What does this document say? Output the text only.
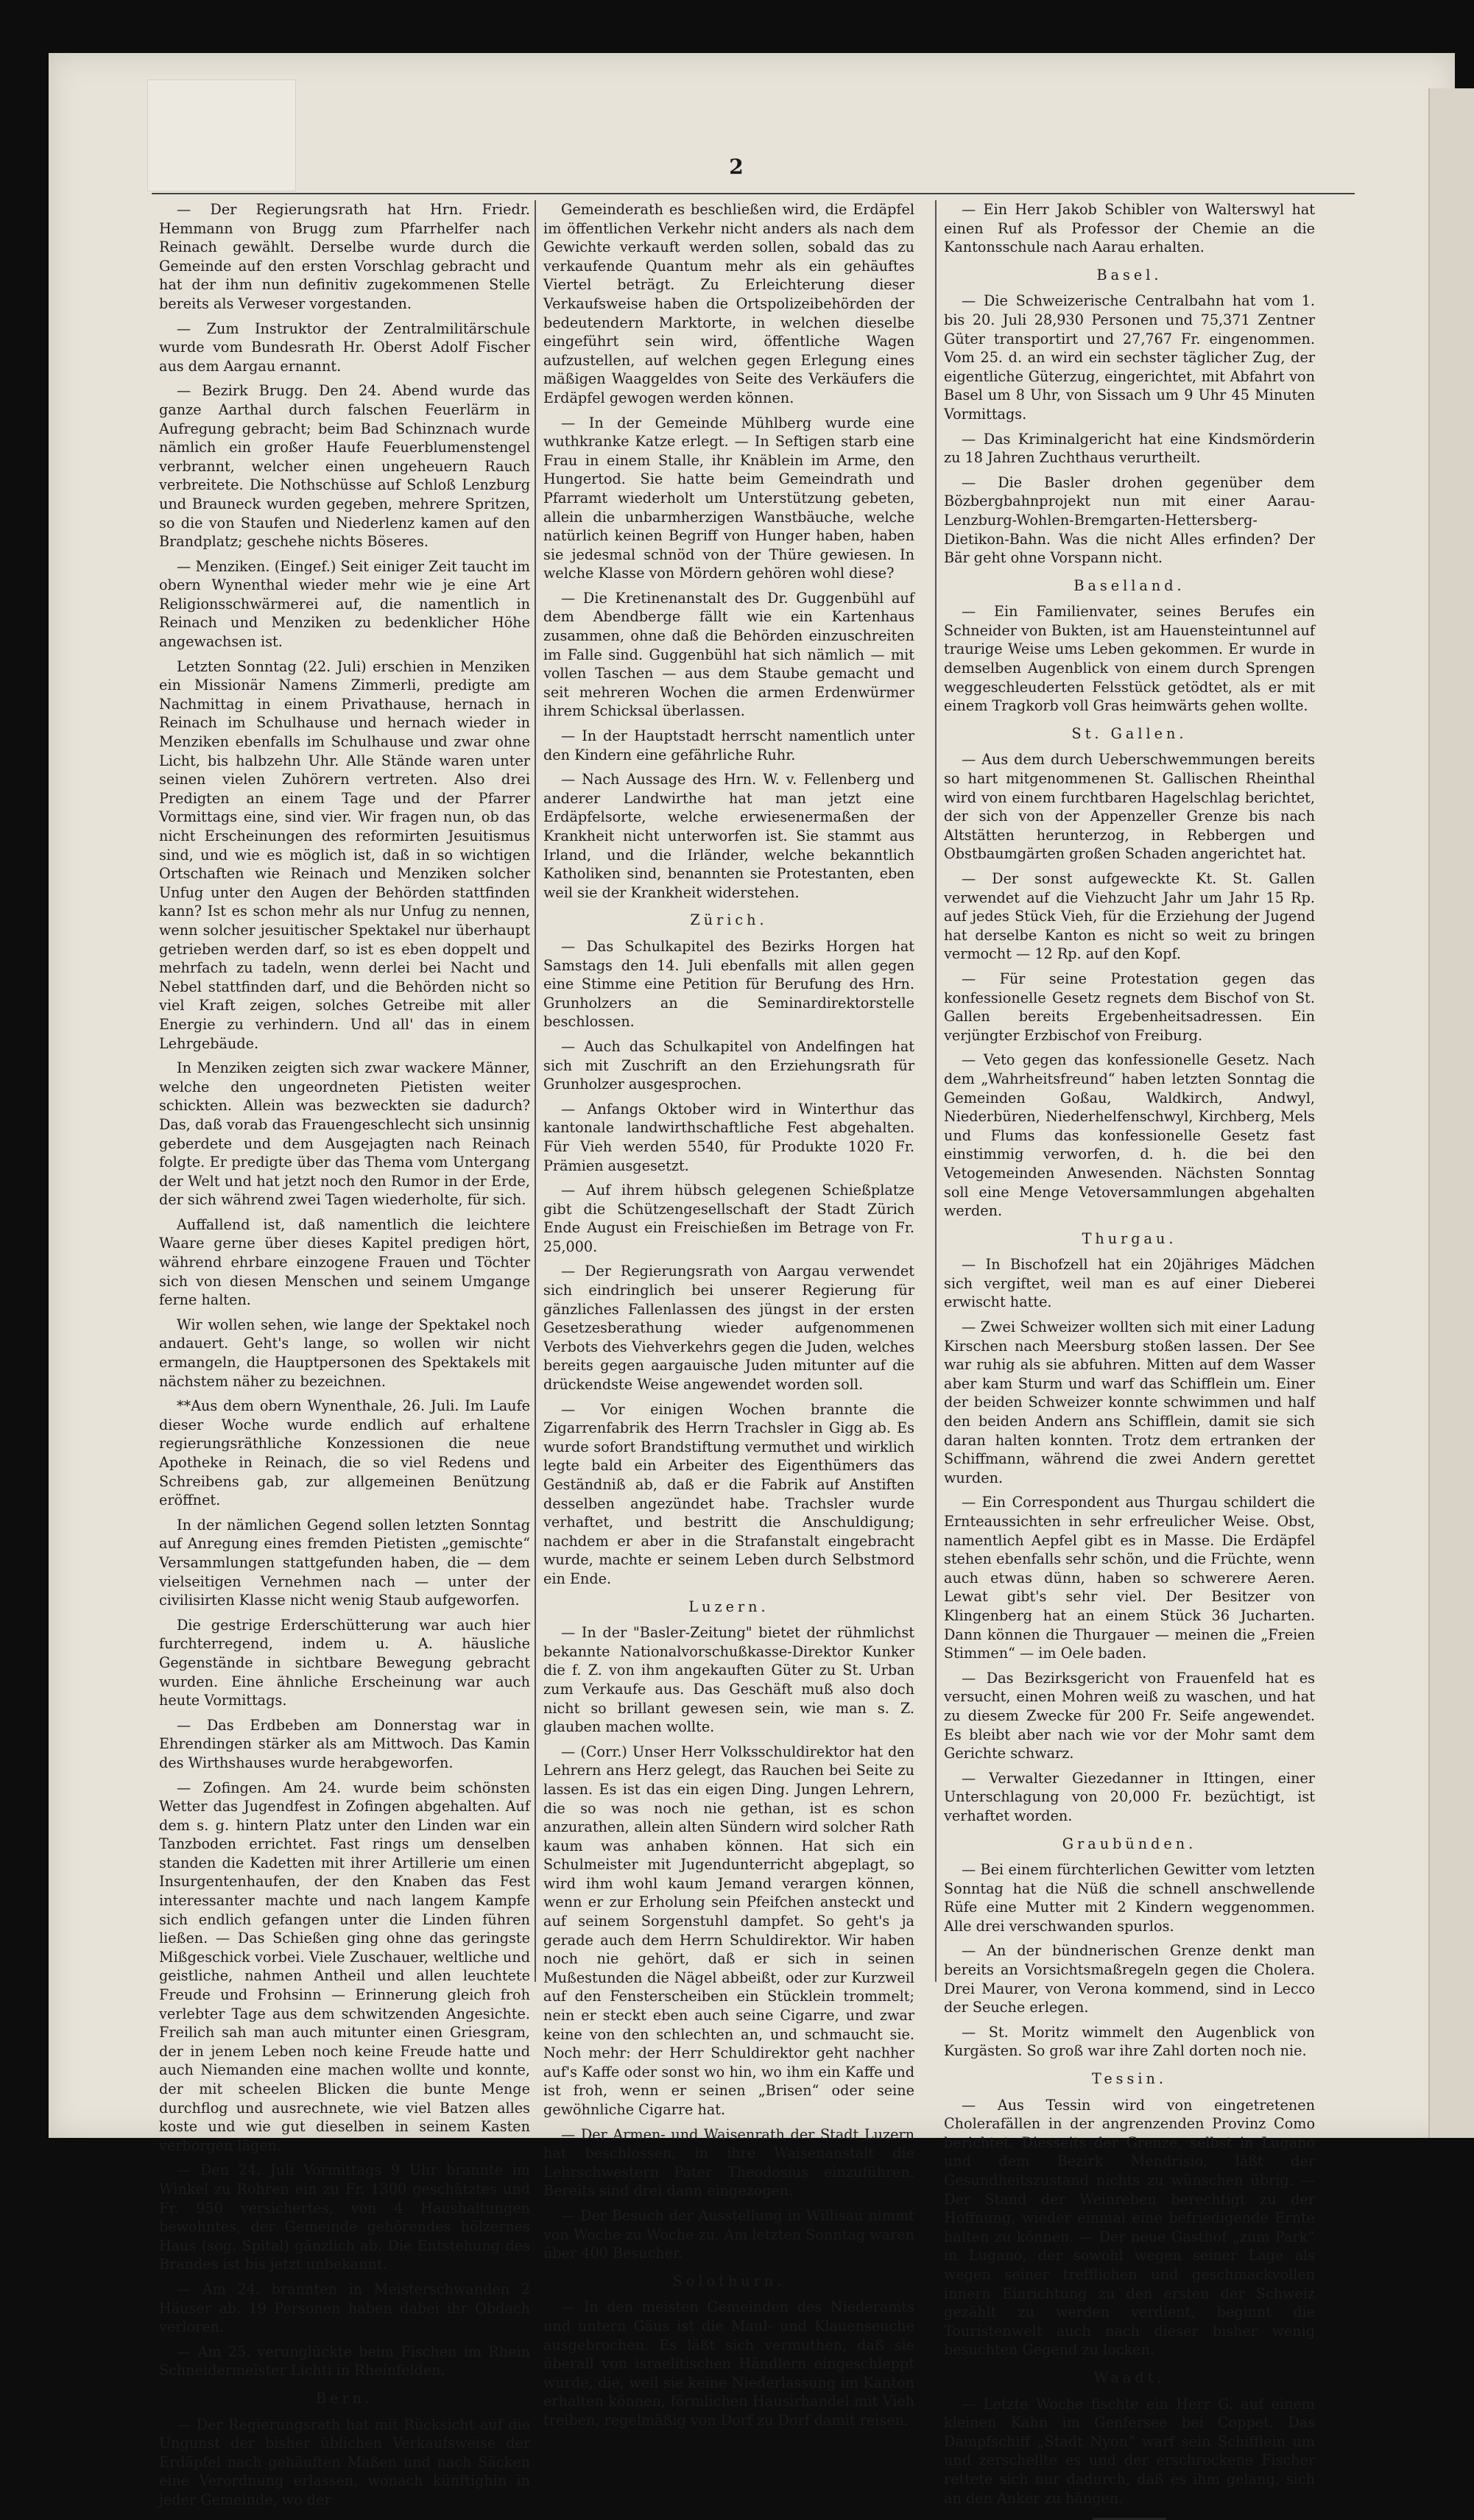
2

— Der Regierungsrath hat Hrn. Friedr. Hemmann von Brugg zum Pfarrhelfer nach Reinach gewählt. Derselbe wurde durch die Gemeinde auf den ersten Vorschlag gebracht und hat der ihm nun definitiv zugekommenen Stelle bereits als Verweser vorgestanden.

— Zum Instruktor der Zentralmilitärschule wurde vom Bundesrath Hr. Oberst Adolf Fischer aus dem Aargau ernannt.

— Bezirk Brugg. Den 24. Abend wurde das ganze Aarthal durch falschen Feuerlärm in Aufregung gebracht; beim Bad Schinznach wurde nämlich ein großer Haufe Feuerblumenstengel verbrannt, welcher einen ungeheuern Rauch verbreitete. Die Nothschüsse auf Schloß Lenzburg und Brauneck wurden gegeben, mehrere Spritzen, so die von Staufen und Niederlenz kamen auf den Brandplatz; geschehe nichts Böseres.

— Menziken. (Eingef.) Seit einiger Zeit taucht im obern Wynenthal wieder mehr wie je eine Art Religionsschwärmerei auf, die namentlich in Reinach und Menziken zu bedenklicher Höhe angewachsen ist.

Letzten Sonntag (22. Juli) erschien in Menziken ein Missionär Namens Zimmerli, predigte am Nachmittag in einem Privathause, hernach in Reinach im Schulhause und hernach wieder in Menziken ebenfalls im Schulhause und zwar ohne Licht, bis halbzehn Uhr. Alle Stände waren unter seinen vielen Zuhörern vertreten. Also drei Predigten an einem Tage und der Pfarrer Vormittags eine, sind vier. Wir fragen nun, ob das nicht Erscheinungen des reformirten Jesuitismus sind, und wie es möglich ist, daß in so wichtigen Ortschaften wie Reinach und Menziken solcher Unfug unter den Augen der Behörden stattfinden kann? Ist es schon mehr als nur Unfug zu nennen, wenn solcher jesuitischer Spektakel nur überhaupt getrieben werden darf, so ist es eben doppelt und mehrfach zu tadeln, wenn derlei bei Nacht und Nebel stattfinden darf, und die Behörden nicht so viel Kraft zeigen, solches Getreibe mit aller Energie zu verhindern. Und all' das in einem Lehrgebäude.

In Menziken zeigten sich zwar wackere Männer, welche den ungeordneten Pietisten weiter schickten. Allein was bezweckten sie dadurch? Das, daß vorab das Frauengeschlecht sich unsinnig geberdete und dem Ausgejagten nach Reinach folgte. Er predigte über das Thema vom Untergang der Welt und hat jetzt noch den Rumor in der Erde, der sich während zwei Tagen wiederholte, für sich.

Auffallend ist, daß namentlich die leichtere Waare gerne über dieses Kapitel predigen hört, während ehrbare einzogene Frauen und Töchter sich von diesen Menschen und seinem Umgange ferne halten.

Wir wollen sehen, wie lange der Spektakel noch andauert. Geht's lange, so wollen wir nicht ermangeln, die Hauptpersonen des Spektakels mit nächstem näher zu bezeichnen.

**Aus dem obern Wynenthale, 26. Juli. Im Laufe dieser Woche wurde endlich auf erhaltene regierungsräthliche Konzessionen die neue Apotheke in Reinach, die so viel Redens und Schreibens gab, zur allgemeinen Benützung eröffnet.

In der nämlichen Gegend sollen letzten Sonntag auf Anregung eines fremden Pietisten „gemischte“ Versammlungen stattgefunden haben, die — dem vielseitigen Vernehmen nach — unter der civilisirten Klasse nicht wenig Staub aufgeworfen.

Die gestrige Erderschütterung war auch hier furchterregend, indem u. A. häusliche Gegenstände in sichtbare Bewegung gebracht wurden. Eine ähnliche Erscheinung war auch heute Vormittags.

— Das Erdbeben am Donnerstag war in Ehrendingen stärker als am Mittwoch. Das Kamin des Wirthshauses wurde herabgeworfen.

— Zofingen. Am 24. wurde beim schönsten Wetter das Jugendfest in Zofingen abgehalten. Auf dem s. g. hintern Platz unter den Linden war ein Tanzboden errichtet. Fast rings um denselben standen die Kadetten mit ihrer Artillerie um einen Insurgentenhaufen, der den Knaben das Fest interessanter machte und nach langem Kampfe sich endlich gefangen unter die Linden führen ließen. — Das Schießen ging ohne das geringste Mißgeschick vorbei. Viele Zuschauer, weltliche und geistliche, nahmen Antheil und allen leuchtete Freude und Frohsinn — Erinnerung gleich froh verlebter Tage aus dem schwitzenden Angesichte. Freilich sah man auch mitunter einen Griesgram, der in jenem Leben noch keine Freude hatte und auch Niemanden eine machen wollte und konnte, der mit scheelen Blicken die bunte Menge durchflog und ausrechnete, wie viel Batzen alles koste und wie gut dieselben in seinem Kasten verborgen lägen.

— Den 24. Juli Vormittags 9 Uhr brannte im Winkel zu Rohren ein zu Fr. 1300 geschätztes und Fr. 950 versichertes, von 4 Haushaltungen bewohntes, der Gemeinde gehörendes hölzernes Haus (sog. Spital) gänzlich ab. Die Entstehung des Brandes ist bis jetzt unbekannt.

— Am 24. brannten in Meisterschwanden 2 Häuser ab. 19 Personen haben dabei ihr Obdach verloren.

— Am 25. verunglückte beim Fischen im Rhein Schneidermeister Lichti in Rheinfelden.

Bern.

— Der Regierungsrath hat mit Rücksicht auf die Ungunst der bisher üblichen Verkaufsweise der Erdäpfel nach gehäuften Maßen und nach Säcken eine Verordnung erlassen, wonach künftighin in jeder Gemeinde, wo der

Gemeinderath es beschließen wird, die Erdäpfel im öffentlichen Verkehr nicht anders als nach dem Gewichte verkauft werden sollen, sobald das zu verkaufende Quantum mehr als ein gehäuftes Viertel beträgt. Zu Erleichterung dieser Verkaufsweise haben die Ortspolizeibehörden der bedeutendern Marktorte, in welchen dieselbe eingeführt sein wird, öffentliche Wagen aufzustellen, auf welchen gegen Erlegung eines mäßigen Waaggeldes von Seite des Verkäufers die Erdäpfel gewogen werden können.

— In der Gemeinde Mühlberg wurde eine wuthkranke Katze erlegt. — In Seftigen starb eine Frau in einem Stalle, ihr Knäblein im Arme, den Hungertod. Sie hatte beim Gemeindrath und Pfarramt wiederholt um Unterstützung gebeten, allein die unbarmherzigen Wanstbäuche, welche natürlich keinen Begriff von Hunger haben, haben sie jedesmal schnöd von der Thüre gewiesen. In welche Klasse von Mördern gehören wohl diese?

— Die Kretinenanstalt des Dr. Guggenbühl auf dem Abendberge fällt wie ein Kartenhaus zusammen, ohne daß die Behörden einzuschreiten im Falle sind. Guggenbühl hat sich nämlich — mit vollen Taschen — aus dem Staube gemacht und seit mehreren Wochen die armen Erdenwürmer ihrem Schicksal überlassen.

— In der Hauptstadt herrscht namentlich unter den Kindern eine gefährliche Ruhr.

— Nach Aussage des Hrn. W. v. Fellenberg und anderer Landwirthe hat man jetzt eine Erdäpfelsorte, welche erwiesenermaßen der Krankheit nicht unterworfen ist. Sie stammt aus Irland, und die Irländer, welche bekanntlich Katholiken sind, benannten sie Protestanten, eben weil sie der Krankheit widerstehen.

Zürich.

— Das Schulkapitel des Bezirks Horgen hat Samstags den 14. Juli ebenfalls mit allen gegen eine Stimme eine Petition für Berufung des Hrn. Grunholzers an die Seminardirektorstelle beschlossen.

— Auch das Schulkapitel von Andelfingen hat sich mit Zuschrift an den Erziehungsrath für Grunholzer ausgesprochen.

— Anfangs Oktober wird in Winterthur das kantonale landwirthschaftliche Fest abgehalten. Für Vieh werden 5540, für Produkte 1020 Fr. Prämien ausgesetzt.

— Auf ihrem hübsch gelegenen Schießplatze gibt die Schützengesellschaft der Stadt Zürich Ende August ein Freischießen im Betrage von Fr. 25,000.

— Der Regierungsrath von Aargau verwendet sich eindringlich bei unserer Regierung für gänzliches Fallenlassen des jüngst in der ersten Gesetzesberathung wieder aufgenommenen Verbots des Viehverkehrs gegen die Juden, welches bereits gegen aargauische Juden mitunter auf die drückendste Weise angewendet worden soll.

— Vor einigen Wochen brannte die Zigarrenfabrik des Herrn Trachsler in Gigg ab. Es wurde sofort Brandstiftung vermuthet und wirklich legte bald ein Arbeiter des Eigenthümers das Geständniß ab, daß er die Fabrik auf Anstiften desselben angezündet habe. Trachsler wurde verhaftet, und bestritt die Anschuldigung; nachdem er aber in die Strafanstalt eingebracht wurde, machte er seinem Leben durch Selbstmord ein Ende.

Luzern.

— In der "Basler-Zeitung" bietet der rühmlichst bekannte Nationalvorschußkasse-Direktor Kunker die f. Z. von ihm angekauften Güter zu St. Urban zum Verkaufe aus. Das Geschäft muß also doch nicht so brillant gewesen sein, wie man s. Z. glauben machen wollte.

— (Corr.) Unser Herr Volksschuldirektor hat den Lehrern ans Herz gelegt, das Rauchen bei Seite zu lassen. Es ist das ein eigen Ding. Jungen Lehrern, die so was noch nie gethan, ist es schon anzurathen, allein alten Sündern wird solcher Rath kaum was anhaben können. Hat sich ein Schulmeister mit Jugendunterricht abgeplagt, so wird ihm wohl kaum Jemand verargen können, wenn er zur Erholung sein Pfeifchen ansteckt und auf seinem Sorgenstuhl dampfet. So geht's ja gerade auch dem Herrn Schuldirektor. Wir haben noch nie gehört, daß er sich in seinen Mußestunden die Nägel abbeißt, oder zur Kurzweil auf den Fensterscheiben ein Stücklein trommelt; nein er steckt eben auch seine Cigarre, und zwar keine von den schlechten an, und schmaucht sie. Noch mehr: der Herr Schuldirektor geht nachher auf's Kaffe oder sonst wo hin, wo ihm ein Kaffe und ist froh, wenn er seinen „Brisen“ oder seine gewöhnliche Cigarre hat.

— Der Armen- und Waisenrath der Stadt Luzern hat beschlossen, in ihre Waisenanstalt die Lehrschwestern Pater Theodosius einzuführen. Bereits sind drei dann eingezogen.

— Der Besuch der Ausstellung in Willisau nimmt von Woche zu Woche zu. Am letzten Sonntag waren über 400 Besucher.

Solothurn.

— In den meisten Gemeinden des Niederamts und untern Gäus ist die Maul- und Klauenseuche ausgebrochen. Es läßt sich vermuthen, daß sie überall von israelitischen Händlern eingeschleppt wurde, die, weil sie keine Niederlassung im Kanton erhalten können, förmlichen Hausirhandel mit Vieh treiben, regelmäßig von Dorf zu Dorf damit reisen.

— Ein Herr Jakob Schibler von Walterswyl hat einen Ruf als Professor der Chemie an die Kantonsschule nach Aarau erhalten.

Basel.

— Die Schweizerische Centralbahn hat vom 1. bis 20. Juli 28,930 Personen und 75,371 Zentner Güter transportirt und 27,767 Fr. eingenommen. Vom 25. d. an wird ein sechster täglicher Zug, der eigentliche Güterzug, eingerichtet, mit Abfahrt von Basel um 8 Uhr, von Sissach um 9 Uhr 45 Minuten Vormittags.

— Das Kriminalgericht hat eine Kindsmörderin zu 18 Jahren Zuchthaus verurtheilt.

— Die Basler drohen gegenüber dem Bözbergbahnprojekt nun mit einer Aarau-Lenzburg-Wohlen-Bremgarten-Hettersberg-Dietikon-Bahn. Was die nicht Alles erfinden? Der Bär geht ohne Vorspann nicht.

Baselland.

— Ein Familienvater, seines Berufes ein Schneider von Bukten, ist am Hauensteintunnel auf traurige Weise ums Leben gekommen. Er wurde in demselben Augenblick von einem durch Sprengen weggeschleuderten Felsstück getödtet, als er mit einem Tragkorb voll Gras heimwärts gehen wollte.

St. Gallen.

— Aus dem durch Ueberschwemmungen bereits so hart mitgenommenen St. Gallischen Rheinthal wird von einem furchtbaren Hagelschlag berichtet, der sich von der Appenzeller Grenze bis nach Altstätten herunterzog, in Rebbergen und Obstbaumgärten großen Schaden angerichtet hat.

— Der sonst aufgeweckte Kt. St. Gallen verwendet auf die Viehzucht Jahr um Jahr 15 Rp. auf jedes Stück Vieh, für die Erziehung der Jugend hat derselbe Kanton es nicht so weit zu bringen vermocht — 12 Rp. auf den Kopf.

— Für seine Protestation gegen das konfessionelle Gesetz regnets dem Bischof von St. Gallen bereits Ergebenheitsadressen. Ein verjüngter Erzbischof von Freiburg.

— Veto gegen das konfessionelle Gesetz. Nach dem „Wahrheitsfreund“ haben letzten Sonntag die Gemeinden Goßau, Waldkirch, Andwyl, Niederbüren, Niederhelfenschwyl, Kirchberg, Mels und Flums das konfessionelle Gesetz fast einstimmig verworfen, d. h. die bei den Vetogemeinden Anwesenden. Nächsten Sonntag soll eine Menge Vetoversammlungen abgehalten werden.

Thurgau.

— In Bischofzell hat ein 20jähriges Mädchen sich vergiftet, weil man es auf einer Dieberei erwischt hatte.

— Zwei Schweizer wollten sich mit einer Ladung Kirschen nach Meersburg stoßen lassen. Der See war ruhig als sie abfuhren. Mitten auf dem Wasser aber kam Sturm und warf das Schifflein um. Einer der beiden Schweizer konnte schwimmen und half den beiden Andern ans Schifflein, damit sie sich daran halten konnten. Trotz dem ertranken der Schiffmann, während die zwei Andern gerettet wurden.

— Ein Correspondent aus Thurgau schildert die Ernteaussichten in sehr erfreulicher Weise. Obst, namentlich Aepfel gibt es in Masse. Die Erdäpfel stehen ebenfalls sehr schön, und die Früchte, wenn auch etwas dünn, haben so schwerere Aeren. Lewat gibt's sehr viel. Der Besitzer von Klingenberg hat an einem Stück 36 Jucharten. Dann können die Thurgauer — meinen die „Freien Stimmen“ — im Oele baden.

— Das Bezirksgericht von Frauenfeld hat es versucht, einen Mohren weiß zu waschen, und hat zu diesem Zwecke für 200 Fr. Seife angewendet. Es bleibt aber nach wie vor der Mohr samt dem Gerichte schwarz.

— Verwalter Giezedanner in Ittingen, einer Unterschlagung von 20,000 Fr. bezüchtigt, ist verhaftet worden.

Graubünden.

— Bei einem fürchterlichen Gewitter vom letzten Sonntag hat die Nüß die schnell anschwellende Rüfe eine Mutter mit 2 Kindern weggenommen. Alle drei verschwanden spurlos.

— An der bündnerischen Grenze denkt man bereits an Vorsichtsmaßregeln gegen die Cholera. Drei Maurer, von Verona kommend, sind in Lecco der Seuche erlegen.

— St. Moritz wimmelt den Augenblick von Kurgästen. So groß war ihre Zahl dorten noch nie.

Tessin.

— Aus Tessin wird von eingetretenen Cholerafällen in der angrenzenden Provinz Como berichtet. Diesseits der Grenze, selbst in Lugano und dem Bezirk Mendrisio, läßt der Gesundheitszustand nichts zu wünschen übrig. — Der Stand der Weinreben berechtigt zu der Hoffnung, wieder einmal eine befriedigende Ernte halten zu können. — Der neue Gasthof „zum Park“ in Lugano, der sowohl wegen seiner Lage als wegen seiner trefflichen und geschmackvollen innern Einrichtung zu den ersten der Schweiz gezählt zu werden verdient, beginnt die Touristenwelt auch nach dieser bisher wenig besuchten Gegend zu locken.

Waadt.

— Letzte Woche fischte ein Herr G. auf einem kleinen Kahn im Genfersee bei Coppet. Das Dampfschiff „Stadt Nyon“ warf sein Schifflein um und zerschellte es und der erschrockene Fischer rettete sich nur dadurch, daß es ihm gelang, sich an den Anker zu hängen.
